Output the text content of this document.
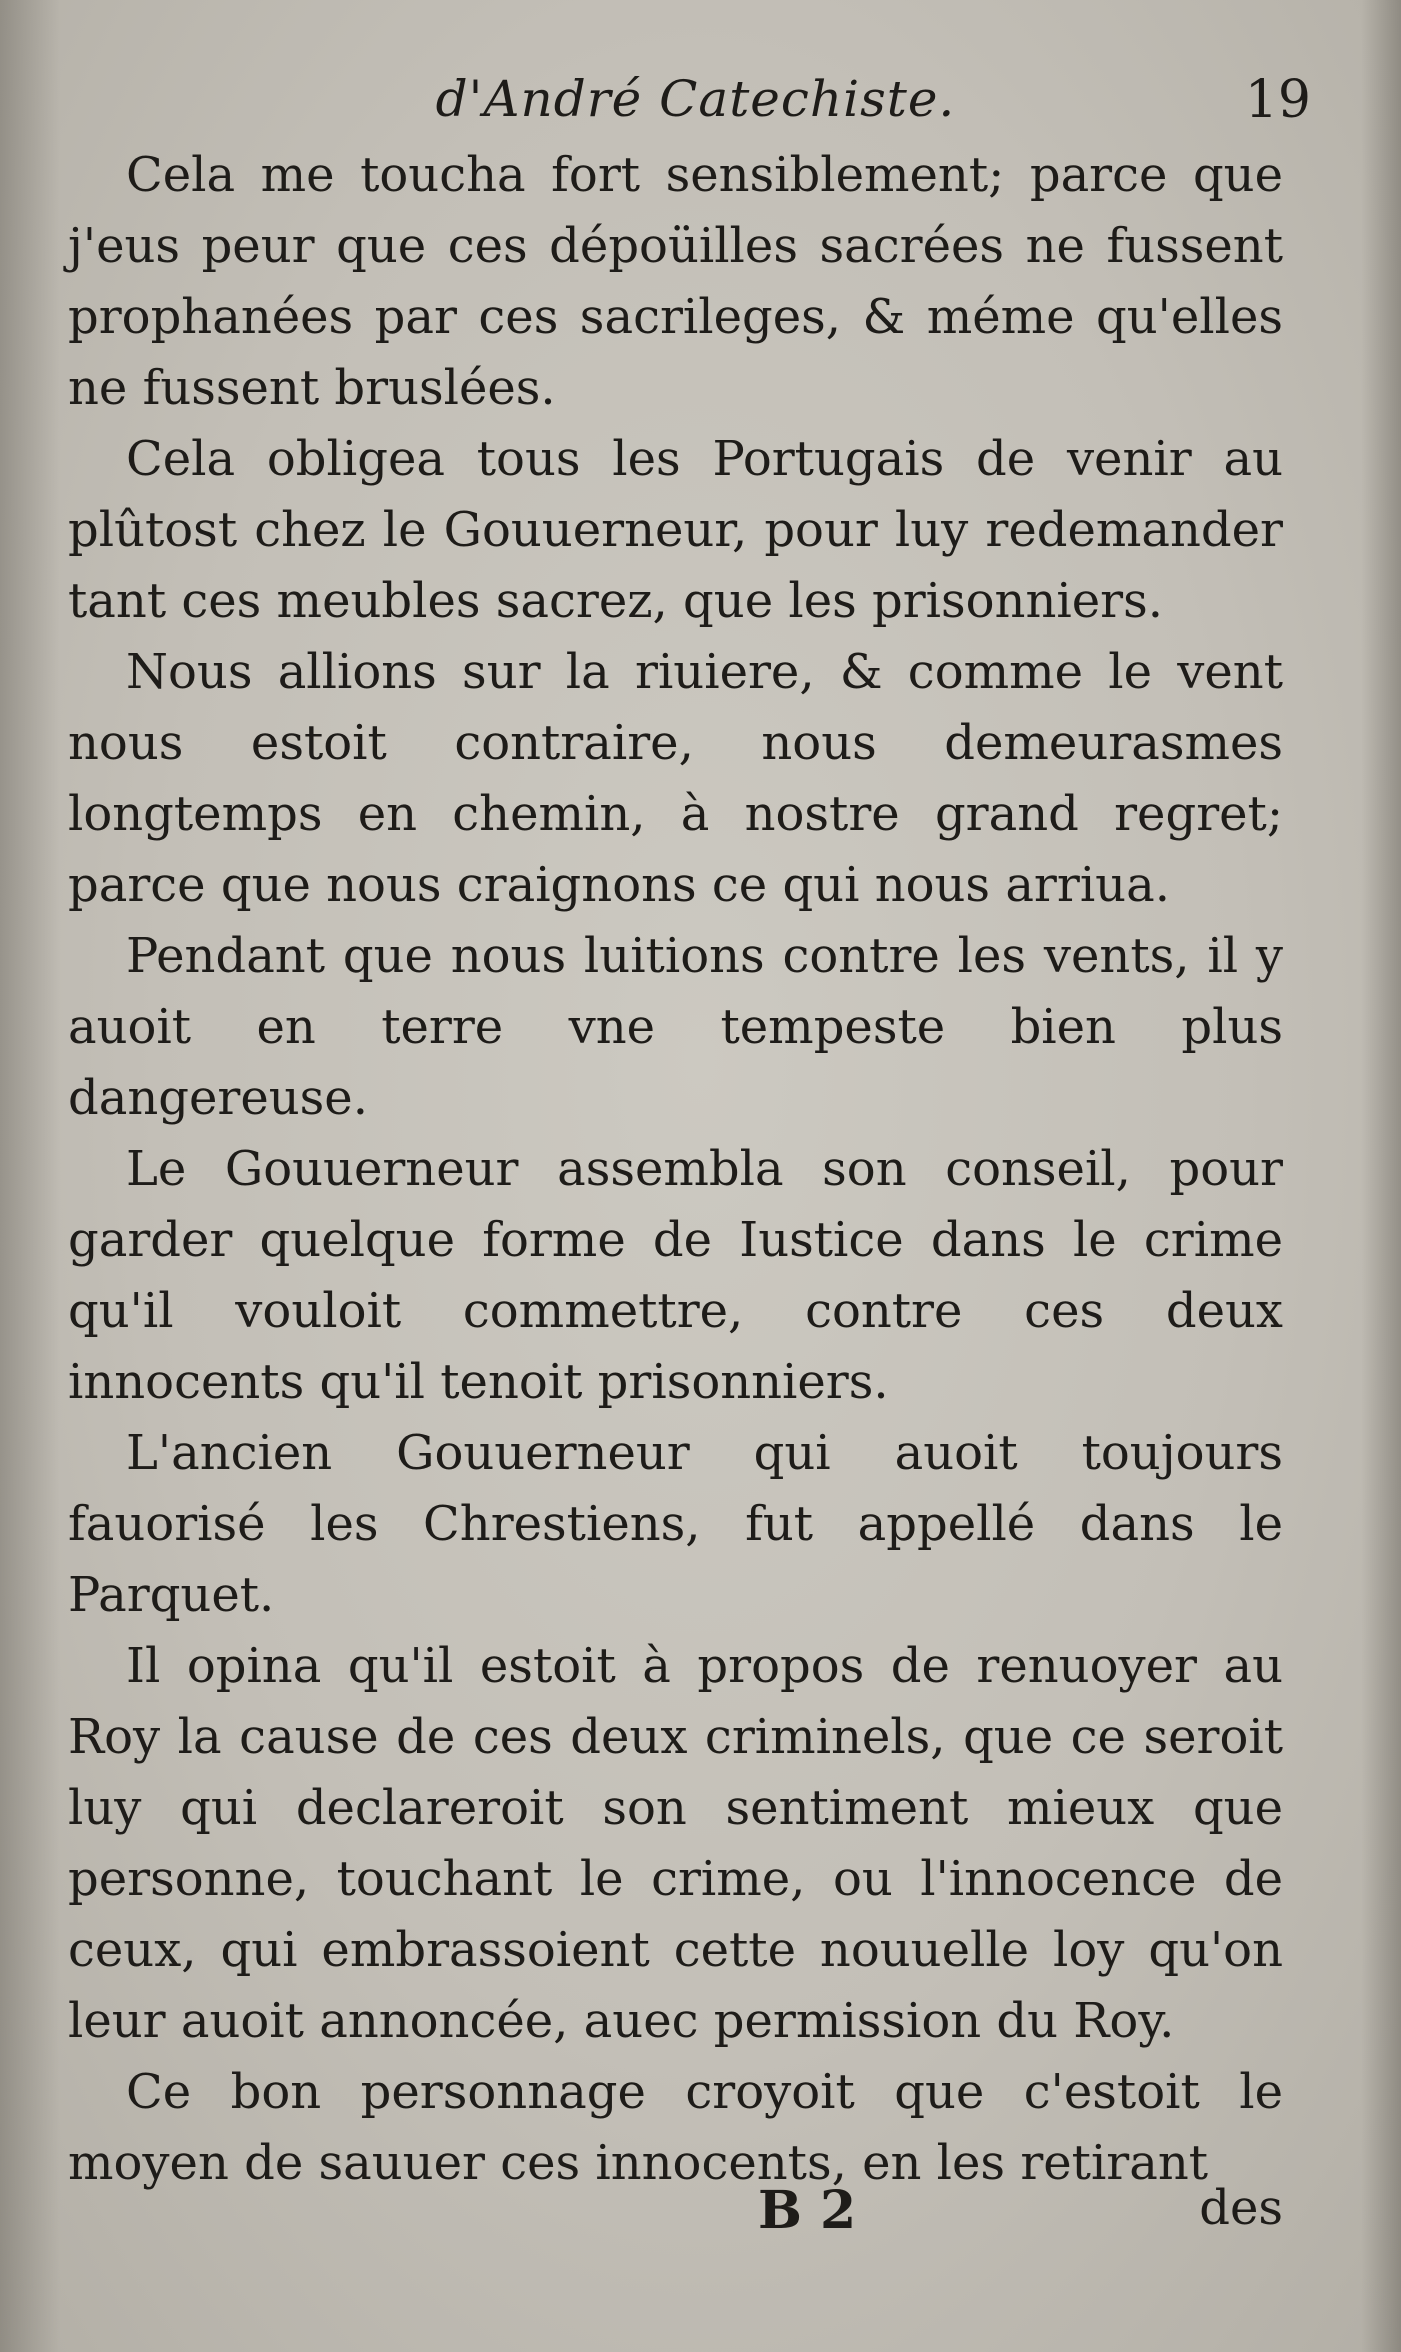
d'André Catechiste.	19

Cela me toucha fort sensiblement; parce que j'eus peur que ces dépoüilles sacrées ne fussent prophanées par ces sacrileges, & méme qu'elles ne fussent bruslées.

Cela obligea tous les Portugais de venir au plûtost chez le Gouuerneur, pour luy redemander tant ces meubles sacrez, que les prisonniers.

Nous allions sur la riuiere, & comme le vent nous estoit contraire, nous demeurasmes longtemps en chemin, à nostre grand regret; parce que nous craignons ce qui nous arriua.

Pendant que nous luitions contre les vents, il y auoit en terre vne tempeste bien plus dangereuse.

Le Gouuerneur assembla son conseil, pour garder quelque forme de Iustice dans le crime qu'il vouloit commettre, contre ces deux innocents qu'il tenoit prisonniers.

L'ancien Gouuerneur qui auoit toujours fauorisé les Chrestiens, fut appellé dans le Parquet.

Il opina qu'il estoit à propos de renuoyer au Roy la cause de ces deux criminels, que ce seroit luy qui declareroit son sentiment mieux que personne, touchant le crime, ou l'innocence de ceux, qui embrassoient cette nouuelle loy qu'on leur auoit annoncée, auec permission du Roy.

Ce bon personnage croyoit que c'estoit le moyen de sauuer ces innocents, en les retirant

B 2	des
